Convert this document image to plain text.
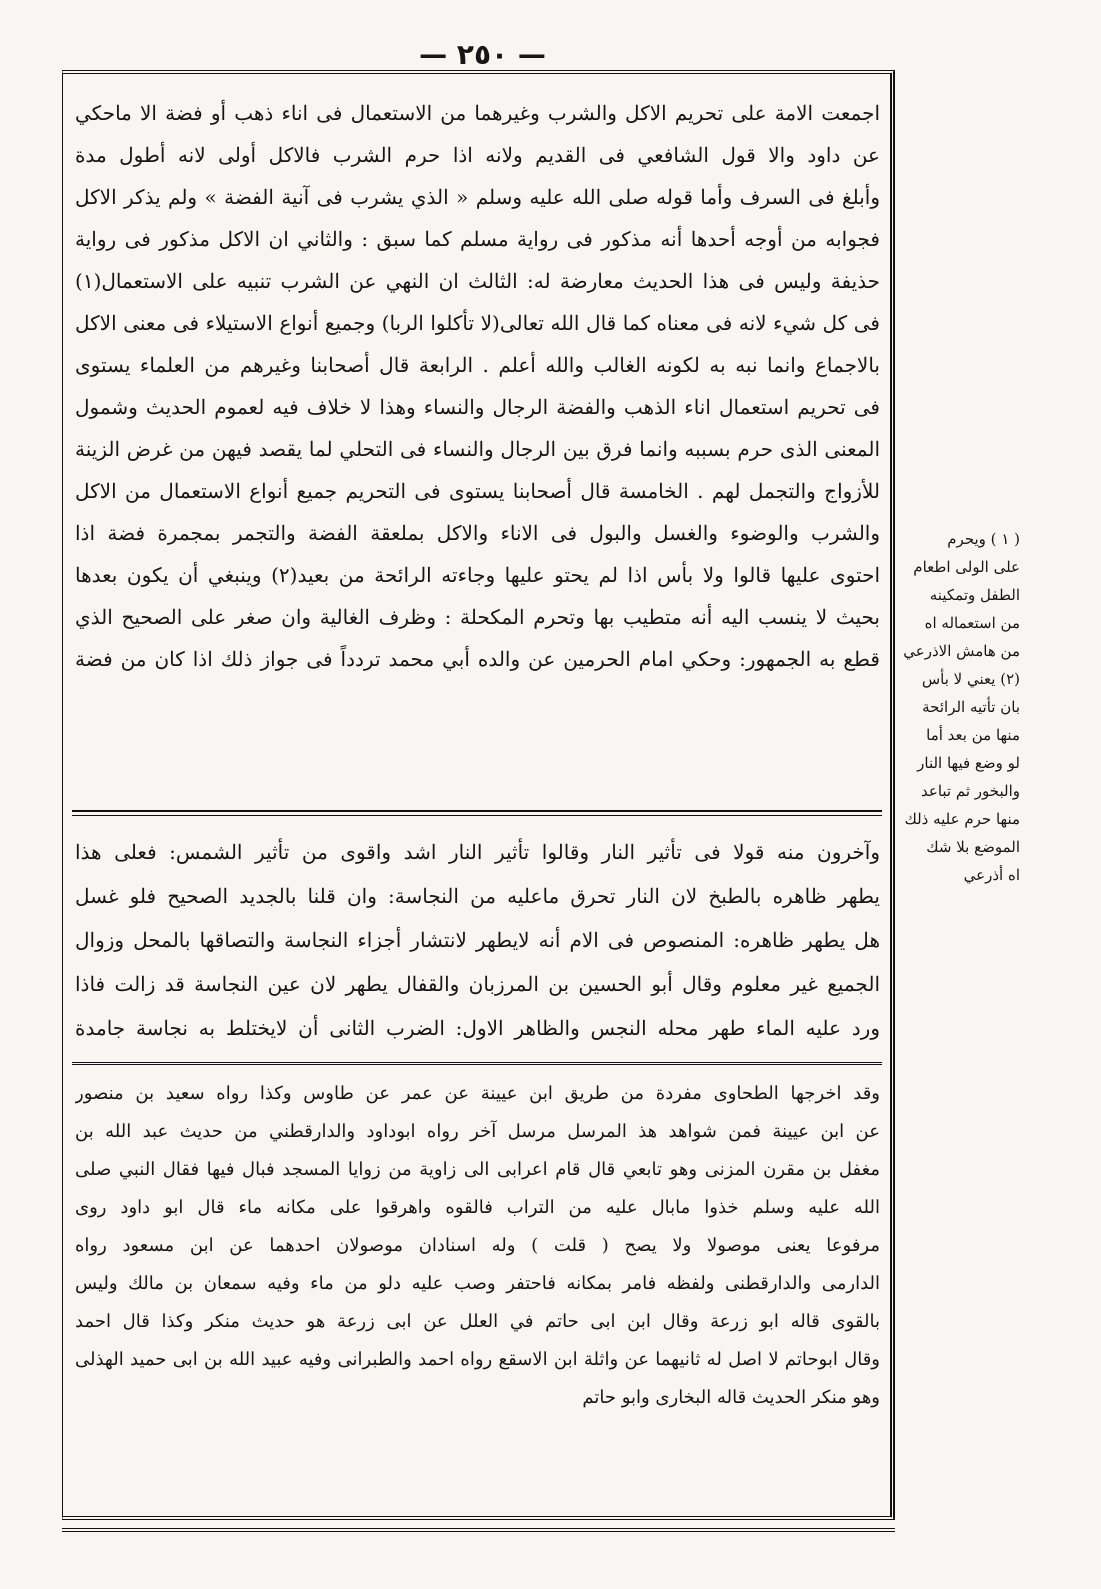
— ٢٥٠ —
اجمعت الامة على تحريم الاكل والشرب وغيرهما من الاستعمال فى اناء ذهب أو فضة الا ماحكي
عن داود والا قول الشافعي فى القديم ولانه اذا حرم الشرب فالاكل أولى لانه أطول مدة
وأبلغ فى السرف وأما قوله صلى الله عليه وسلم « الذي يشرب فى آنية الفضة » ولم يذكر الاكل
فجوابه من أوجه أحدها أنه مذكور فى رواية مسلم كما سبق : والثاني ان الاكل مذكور فى رواية
حذيفة وليس فى هذا الحديث معارضة له: الثالث ان النهي عن الشرب تنبيه على الاستعمال(١)
فى كل شيء لانه فى معناه كما قال الله تعالى(لا تأكلوا الربا) وجميع أنواع الاستيلاء فى معنى الاكل
بالاجماع وانما نبه به لكونه الغالب والله أعلم . الرابعة قال أصحابنا وغيرهم من العلماء يستوى
فى تحريم استعمال اناء الذهب والفضة الرجال والنساء وهذا لا خلاف فيه لعموم الحديث وشمول
المعنى الذى حرم بسببه وانما فرق بين الرجال والنساء فى التحلي لما يقصد فيهن من غرض الزينة
للأزواج والتجمل لهم . الخامسة قال أصحابنا يستوى فى التحريم جميع أنواع الاستعمال من الاكل
والشرب والوضوء والغسل والبول فى الاناء والاكل بملعقة الفضة والتجمر بمجمرة فضة اذا
احتوى عليها قالوا ولا بأس اذا لم يحتو عليها وجاءته الرائحة من بعيد(٢) وينبغي أن يكون بعدها
بحيث لا ينسب اليه أنه متطيب بها وتحرم المكحلة : وظرف الغالية وان صغر على الصحيح الذي
قطع به الجمهور: وحكي امام الحرمين عن والده أبي محمد تردداً فى جواز ذلك اذا كان من فضة
وآخرون منه قولا فى تأثير النار وقالوا تأثير النار اشد واقوى من تأثير الشمس: فعلى هذا
يطهر ظاهره بالطبخ لان النار تحرق ماعليه من النجاسة: وان قلنا بالجديد الصحيح فلو غسل
هل يطهر ظاهره: المنصوص فى الام أنه لايطهر لانتشار أجزاء النجاسة والتصاقها بالمحل وزوال
الجميع غير معلوم وقال أبو الحسين بن المرزبان والقفال يطهر لان عين النجاسة قد زالت فاذا
ورد عليه الماء طهر محله النجس والظاهر الاول: الضرب الثانى أن لايختلط به نجاسة جامدة
وقد اخرجها الطحاوى مفردة من طريق ابن عيينة عن عمر عن طاوس وكذا رواه سعيد بن منصور
عن ابن عيينة فمن شواهد هذ المرسل مرسل آخر رواه ابوداود والدارقطني من حديث عبد الله بن
مغفل بن مقرن المزنى وهو تابعي قال قام اعرابى الى زاوية من زوايا المسجد فبال فيها فقال النبي صلى
الله عليه وسلم خذوا مابال عليه من التراب فالقوه واهرقوا على مكانه ماء قال ابو داود روى
مرفوعا يعنى موصولا ولا يصح ( قلت ) وله اسنادان موصولان احدهما عن ابن مسعود رواه
الدارمى والدارقطنى ولفظه فامر بمكانه فاحتفر وصب عليه دلو من ماء وفيه سمعان بن مالك وليس
بالقوى قاله ابو زرعة وقال ابن ابى حاتم في العلل عن ابى زرعة هو حديث منكر وكذا قال احمد
وقال ابوحاتم لا اصل له ثانيهما عن واثلة ابن الاسقع رواه احمد والطبرانى وفيه عبيد الله بن ابى حميد الهذلى
وهو منكر الحديث قاله البخارى وابو حاتم
( ١ ) ويحرم
على الولى اطعام
الطفل وتمكينه
من استعماله اه
من هامش الاذرعي
(٢) يعني لا بأس
بان تأتيه الرائحة
منها من بعد أما
لو وضع فيها النار
والبخور ثم تباعد
منها حرم عليه ذلك
الموضع بلا شك
اه أذرعي
